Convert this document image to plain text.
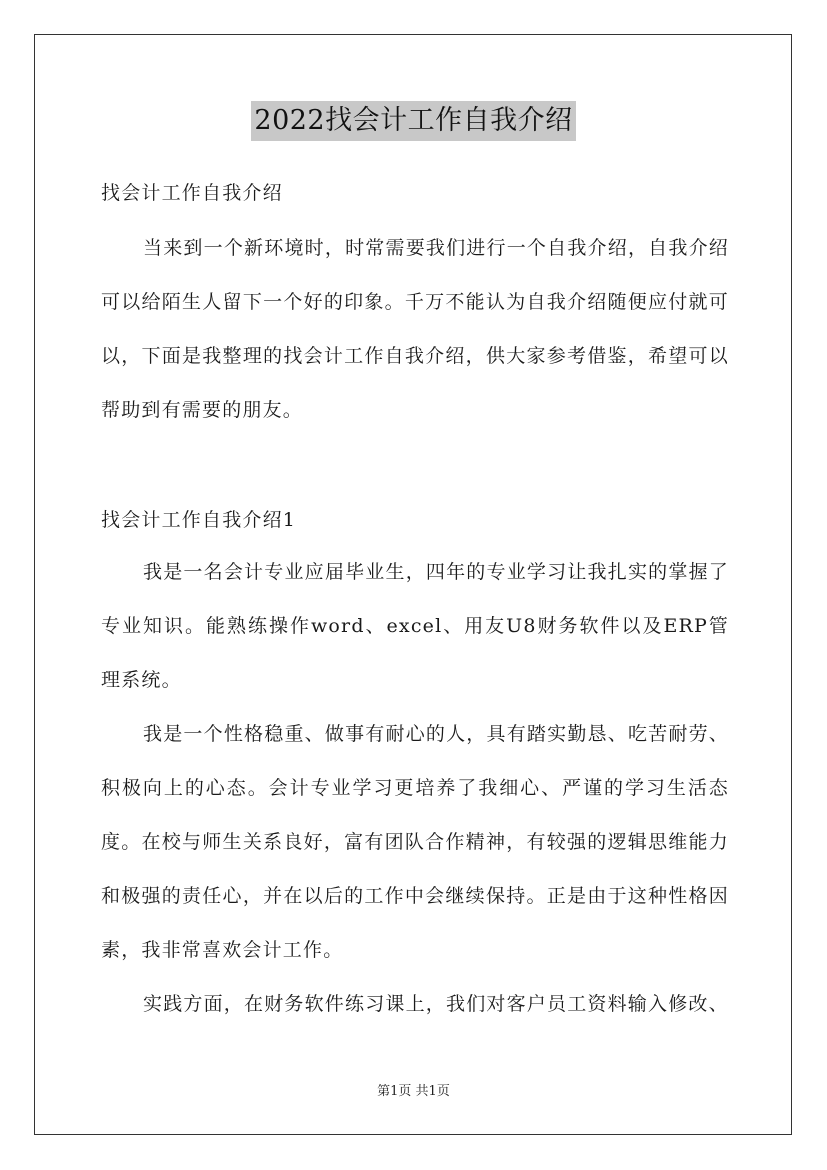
2022找会计工作自我介绍
找会计工作自我介绍
当来到一个新环境时，时常需要我们进行一个自我介绍，自我介绍可以给陌生人留下一个好的印象。千万不能认为自我介绍随便应付就可以，下面是我整理的找会计工作自我介绍，供大家参考借鉴，希望可以帮助到有需要的朋友。
找会计工作自我介绍1
我是一名会计专业应届毕业生，四年的专业学习让我扎实的掌握了专业知识。能熟练操作word、excel、用友U8财务软件以及ERP管理系统。
我是一个性格稳重、做事有耐心的人，具有踏实勤恳、吃苦耐劳、积极向上的心态。会计专业学习更培养了我细心、严谨的学习生活态度。在校与师生关系良好，富有团队合作精神，有较强的逻辑思维能力和极强的责任心，并在以后的工作中会继续保持。正是由于这种性格因素，我非常喜欢会计工作。
实践方面，在财务软件练习课上，我们对客户员工资料输入修改、
第1页 共1页
